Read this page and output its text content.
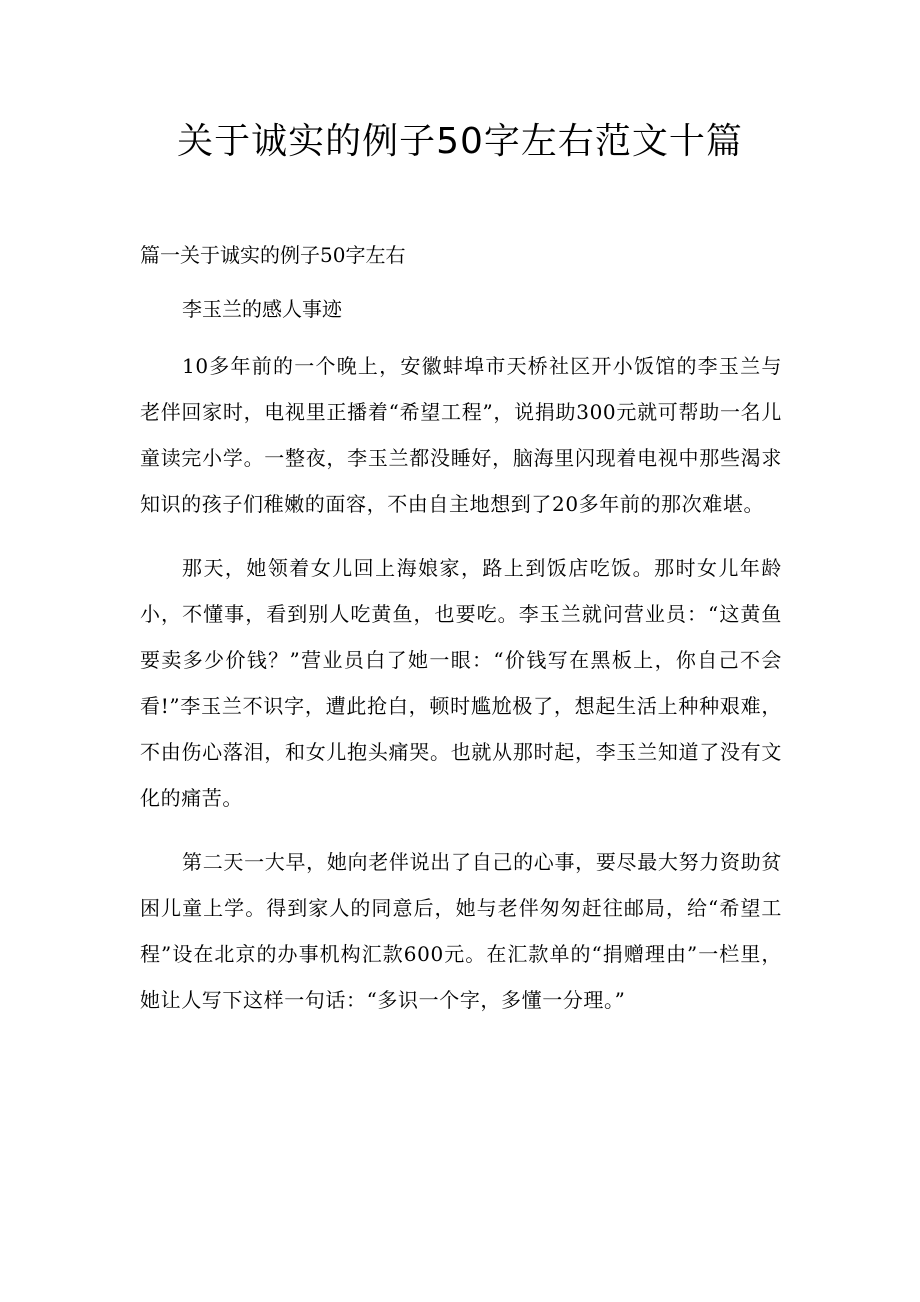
关于诚实的例子50字左右范文十篇
篇一关于诚实的例子50字左右

李玉兰的感人事迹

10多年前的一个晚上，安徽蚌埠市天桥社区开小饭馆的李玉兰与老伴回家时，电视里正播着“希望工程”，说捐助300元就可帮助一名儿童读完小学。一整夜，李玉兰都没睡好，脑海里闪现着电视中那些渴求知识的孩子们稚嫩的面容，不由自主地想到了20多年前的那次难堪。

那天，她领着女儿回上海娘家，路上到饭店吃饭。那时女儿年龄小，不懂事，看到别人吃黄鱼，也要吃。李玉兰就问营业员：“这黄鱼要卖多少价钱？”营业员白了她一眼：“价钱写在黑板上，你自己不会看!”李玉兰不识字，遭此抢白，顿时尴尬极了，想起生活上种种艰难，不由伤心落泪，和女儿抱头痛哭。也就从那时起，李玉兰知道了没有文化的痛苦。

第二天一大早，她向老伴说出了自己的心事，要尽最大努力资助贫困儿童上学。得到家人的同意后，她与老伴匆匆赶往邮局，给“希望工程”设在北京的办事机构汇款600元。在汇款单的“捐赠理由”一栏里，她让人写下这样一句话：“多识一个字，多懂一分理。”
